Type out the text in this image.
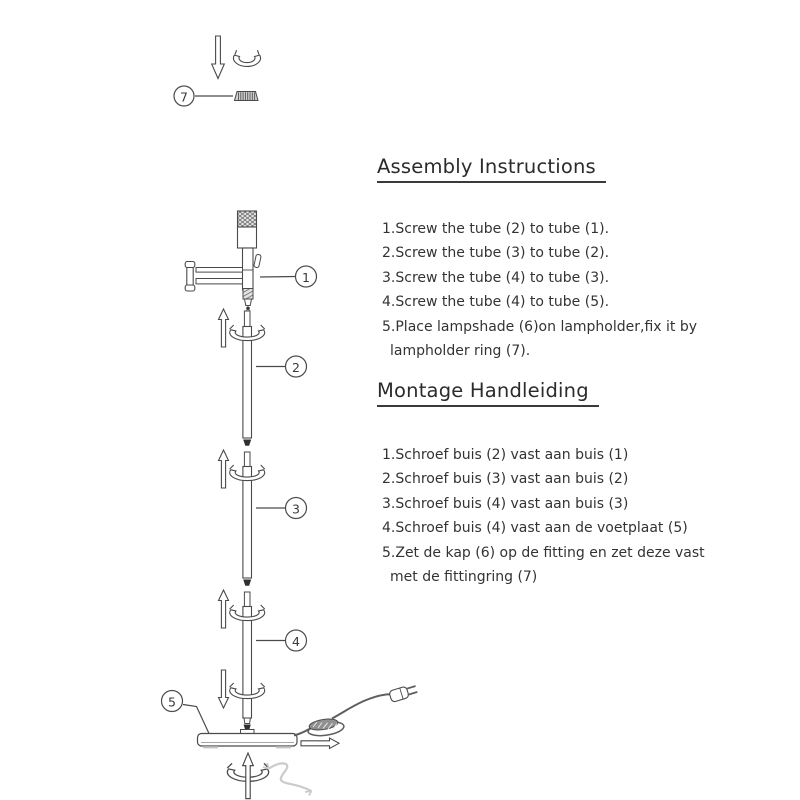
7
1
2
3
4
5
Assembly Instructions
1.Screw the tube (2) to tube (1).
2.Screw the tube (3) to tube (2).
3.Screw the tube (4) to tube (3).
4.Screw the tube (4) to tube (5).
5.Place lampshade (6)on lampholder,fix it by
lampholder ring (7).
Montage Handleiding
1.Schroef buis (2) vast aan buis (1)
2.Schroef buis (3) vast aan buis (2)
3.Schroef buis (4) vast aan buis (3)
4.Schroef buis (4) vast aan de voetplaat (5)
5.Zet de kap (6) op de fitting en zet deze vast
met de fittingring (7)
